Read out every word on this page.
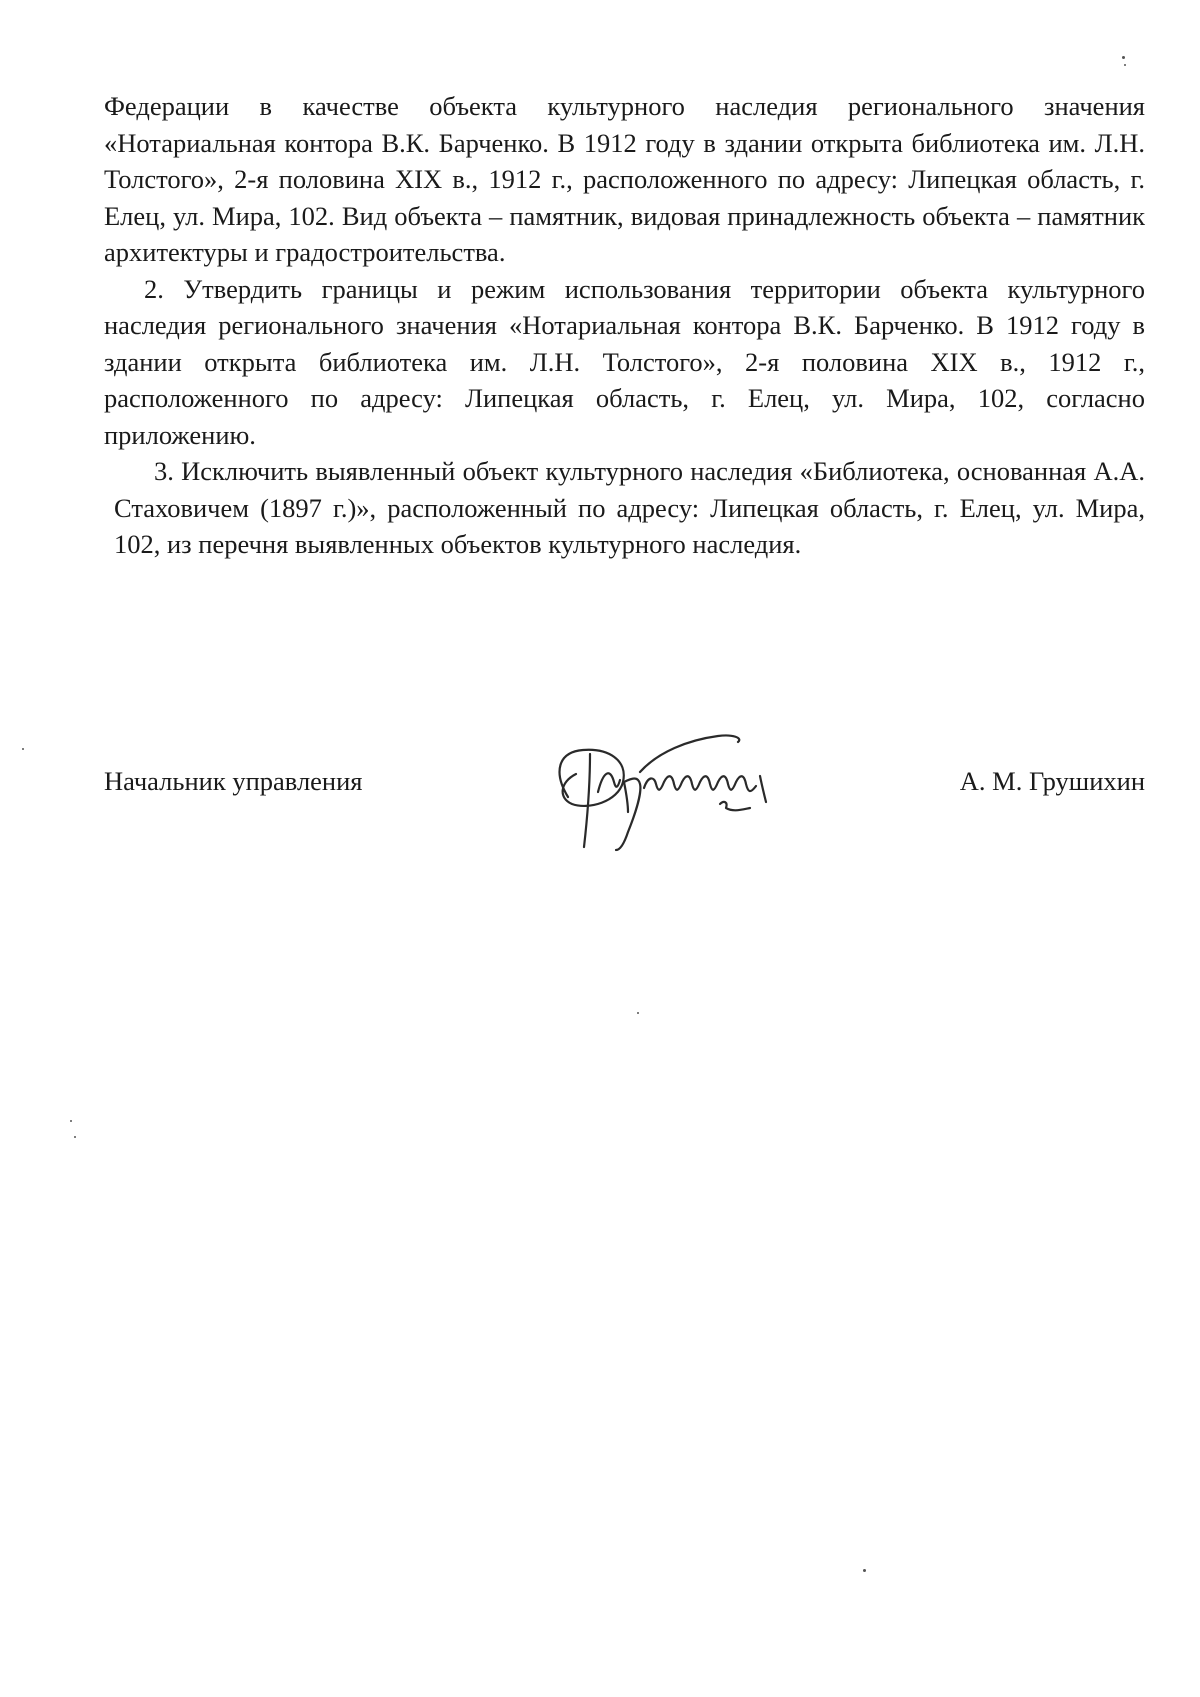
Федерации в качестве объекта культурного наследия регионального значения «Нотариальная контора В.К. Барченко. В 1912 году в здании открыта библиотека им. Л.Н. Толстого», 2-я половина XIX в., 1912 г., расположенного по адресу: Липецкая область, г. Елец, ул. Мира, 102. Вид объекта – памятник, видовая принадлежность объекта – памятник архитектуры и градостроительства.

2. Утвердить границы и режим использования территории объекта культурного наследия регионального значения «Нотариальная контора В.К. Барченко. В 1912 году в здании открыта библиотека им. Л.Н. Толстого», 2-я половина XIX в., 1912 г., расположенного по адресу: Липецкая область, г. Елец, ул. Мира, 102, согласно приложению.

3. Исключить выявленный объект культурного наследия «Библиотека, основанная А.А. Стаховичем (1897 г.)», расположенный по адресу: Липецкая область, г. Елец, ул. Мира, 102, из перечня выявленных объектов культурного наследия.

Начальник управления	А. М. Грушихин
